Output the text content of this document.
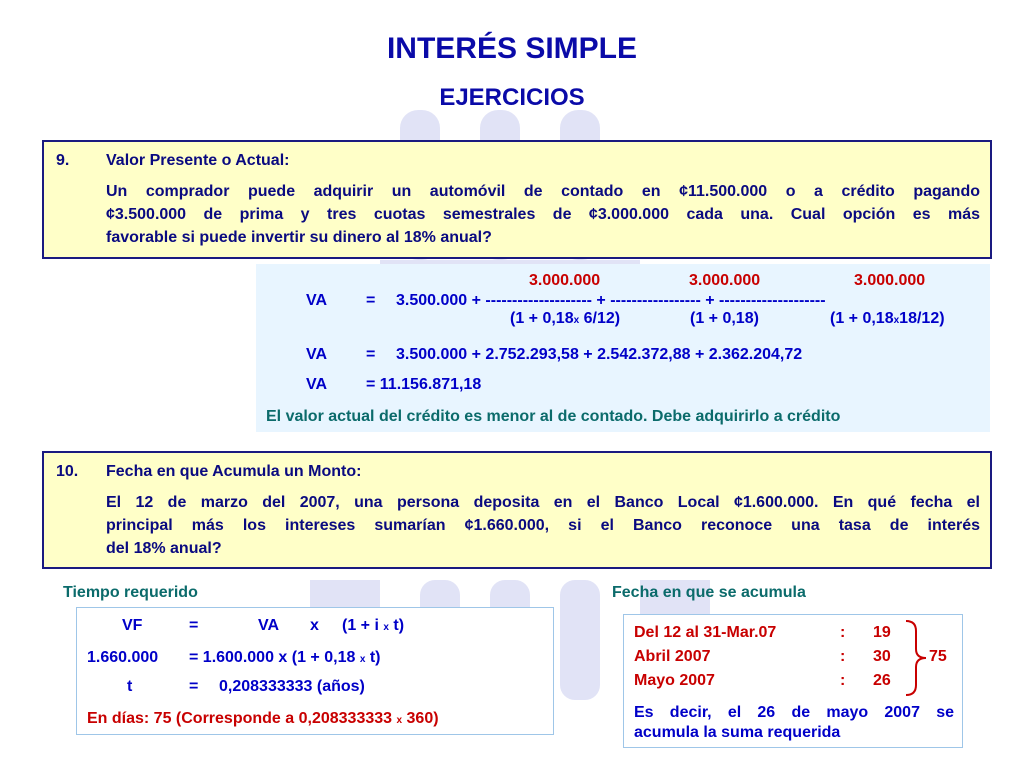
INTERÉS SIMPLE
EJERCICIOS
9. Valor Presente o Actual:
Un comprador puede adquirir un automóvil de contado en ¢11.500.000 o a crédito pagando
¢3.500.000 de prima y tres cuotas semestrales de ¢3.000.000 cada una. Cual opción es más
favorable si puede invertir su dinero al 18% anual?
3.000.000	3.000.000	3.000.000
VA = 3.500.000 + -------------------- + ----------------- + --------------------
(1 + 0,18x 6/12)	(1 + 0,18)	(1 + 0,18x18/12)
VA = 3.500.000 + 2.752.293,58 + 2.542.372,88 + 2.362.204,72
VA = 11.156.871,18
El valor actual del crédito es menor al de contado. Debe adquirirlo a crédito
10. Fecha en que Acumula un Monto:
El 12 de marzo del 2007, una persona deposita en el Banco Local ¢1.600.000. En qué fecha el
principal más los intereses sumarían ¢1.660.000, si el Banco reconoce una tasa de interés
del 18% anual?
Tiempo requerido
VF	=	VA x (1 + i x t)
1.660.000 = 1.600.000 x (1 + 0,18 x t)
t	= 0,208333333 (años)
En días: 75 (Corresponde a 0,208333333 x 360)
Fecha en que se acumula
Del 12 al 31-Mar.07	: 19
Abril 2007	: 30
Mayo 2007	: 26
75
Es decir, el 26 de mayo 2007 se
acumula la suma requerida
